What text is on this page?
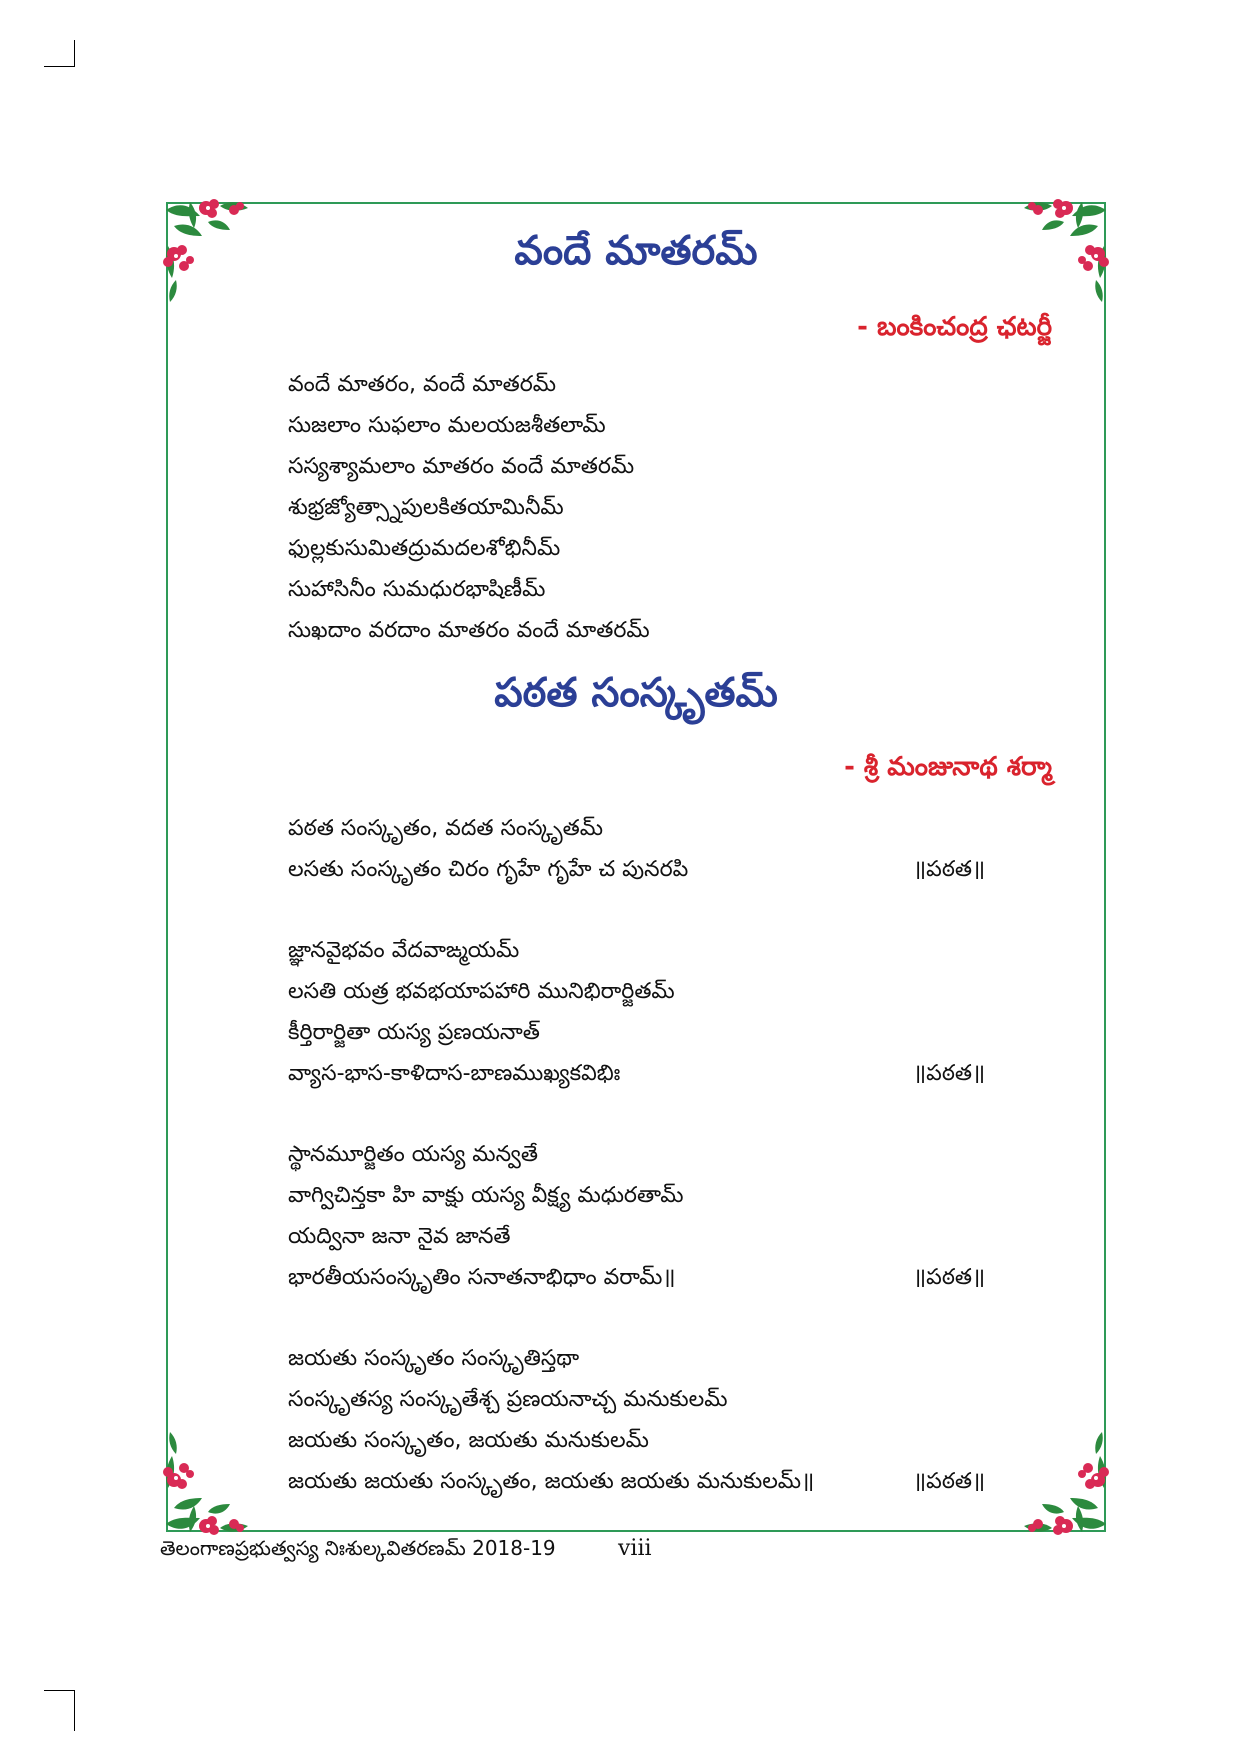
వందే మాతరమ్
- బంకించంద్ర ఛటర్జీ
వందే మాతరం, వందే మాతరమ్
సుజలాం సుఫలాం మలయజశీతలామ్
సస్యశ్యామలాం మాతరం వందే మాతరమ్
శుభ్రజ్యోత్స్నాపులకితయామినీమ్
ఫుల్లకుసుమితద్రుమదలశోభినీమ్
సుహాసినీం సుమధురభాషిణీమ్
సుఖదాం వరదాం మాతరం వందే మాతరమ్
పఠత సంస్కృతమ్
- శ్రీ మంజునాథ శర్మా
పఠత సంస్కృతం, వదత సంస్కృతమ్
లసతు సంస్కృతం చిరం గృహే గృహే చ పునరపి	॥పఠత॥
జ్ఞానవైభవం వేదవాఙ్మయమ్
లసతి యత్ర భవభయాపహారి మునిభిరార్జితమ్
కీర్తిరార్జితా యస్య ప్రణయనాత్
వ్యాస-భాస-కాళిదాస-బాణముఖ్యకవిభిః	॥పఠత॥
స్థానమూర్జితం యస్య మన్వతే
వాగ్విచిన్తకా హి వాక్షు యస్య వీక్ష్య మధురతామ్
యద్వినా జనా నైవ జానతే
భారతీయసంస్కృతిం సనాతనాభిధాం వరామ్॥	॥పఠత॥
జయతు సంస్కృతం సంస్కృతిస్తథా
సంస్కృతస్య సంస్కృతేశ్చ ప్రణయనాచ్చ మనుకులమ్
జయతు సంస్కృతం, జయతు మనుకులమ్
జయతు జయతు సంస్కృతం, జయతు జయతు మనుకులమ్॥	॥పఠత॥
తెలంగాణప్రభుత్వస్య నిఃశుల్కవితరణమ్ 2018-19	viii
